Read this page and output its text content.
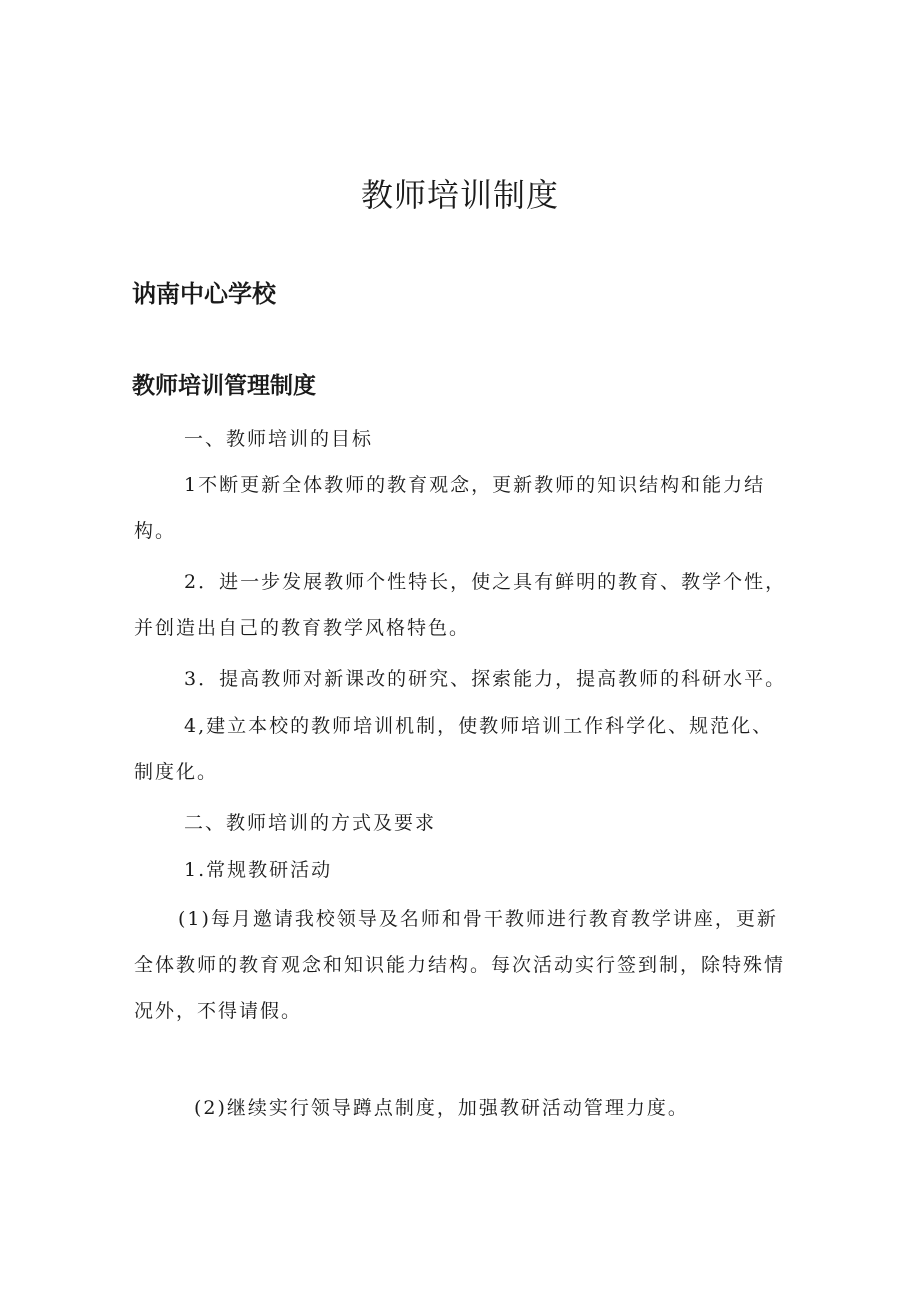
教师培训制度
讷南中心学校
教师培训管理制度

一、教师培训的目标

1不断更新全体教师的教育观念，更新教师的知识结构和能力结构。

2．进一步发展教师个性特长，使之具有鲜明的教育、教学个性，并创造出自己的教育教学风格特色。

3．提高教师对新课改的研究、探索能力，提高教师的科研水平。

4,建立本校的教师培训机制，使教师培训工作科学化、规范化、制度化。

二、教师培训的方式及要求

1.常规教研活动

(1)每月邀请我校领导及名师和骨干教师进行教育教学讲座，更新全体教师的教育观念和知识能力结构。每次活动实行签到制，除特殊情况外，不得请假。

(2)继续实行领导蹲点制度，加强教研活动管理力度。
